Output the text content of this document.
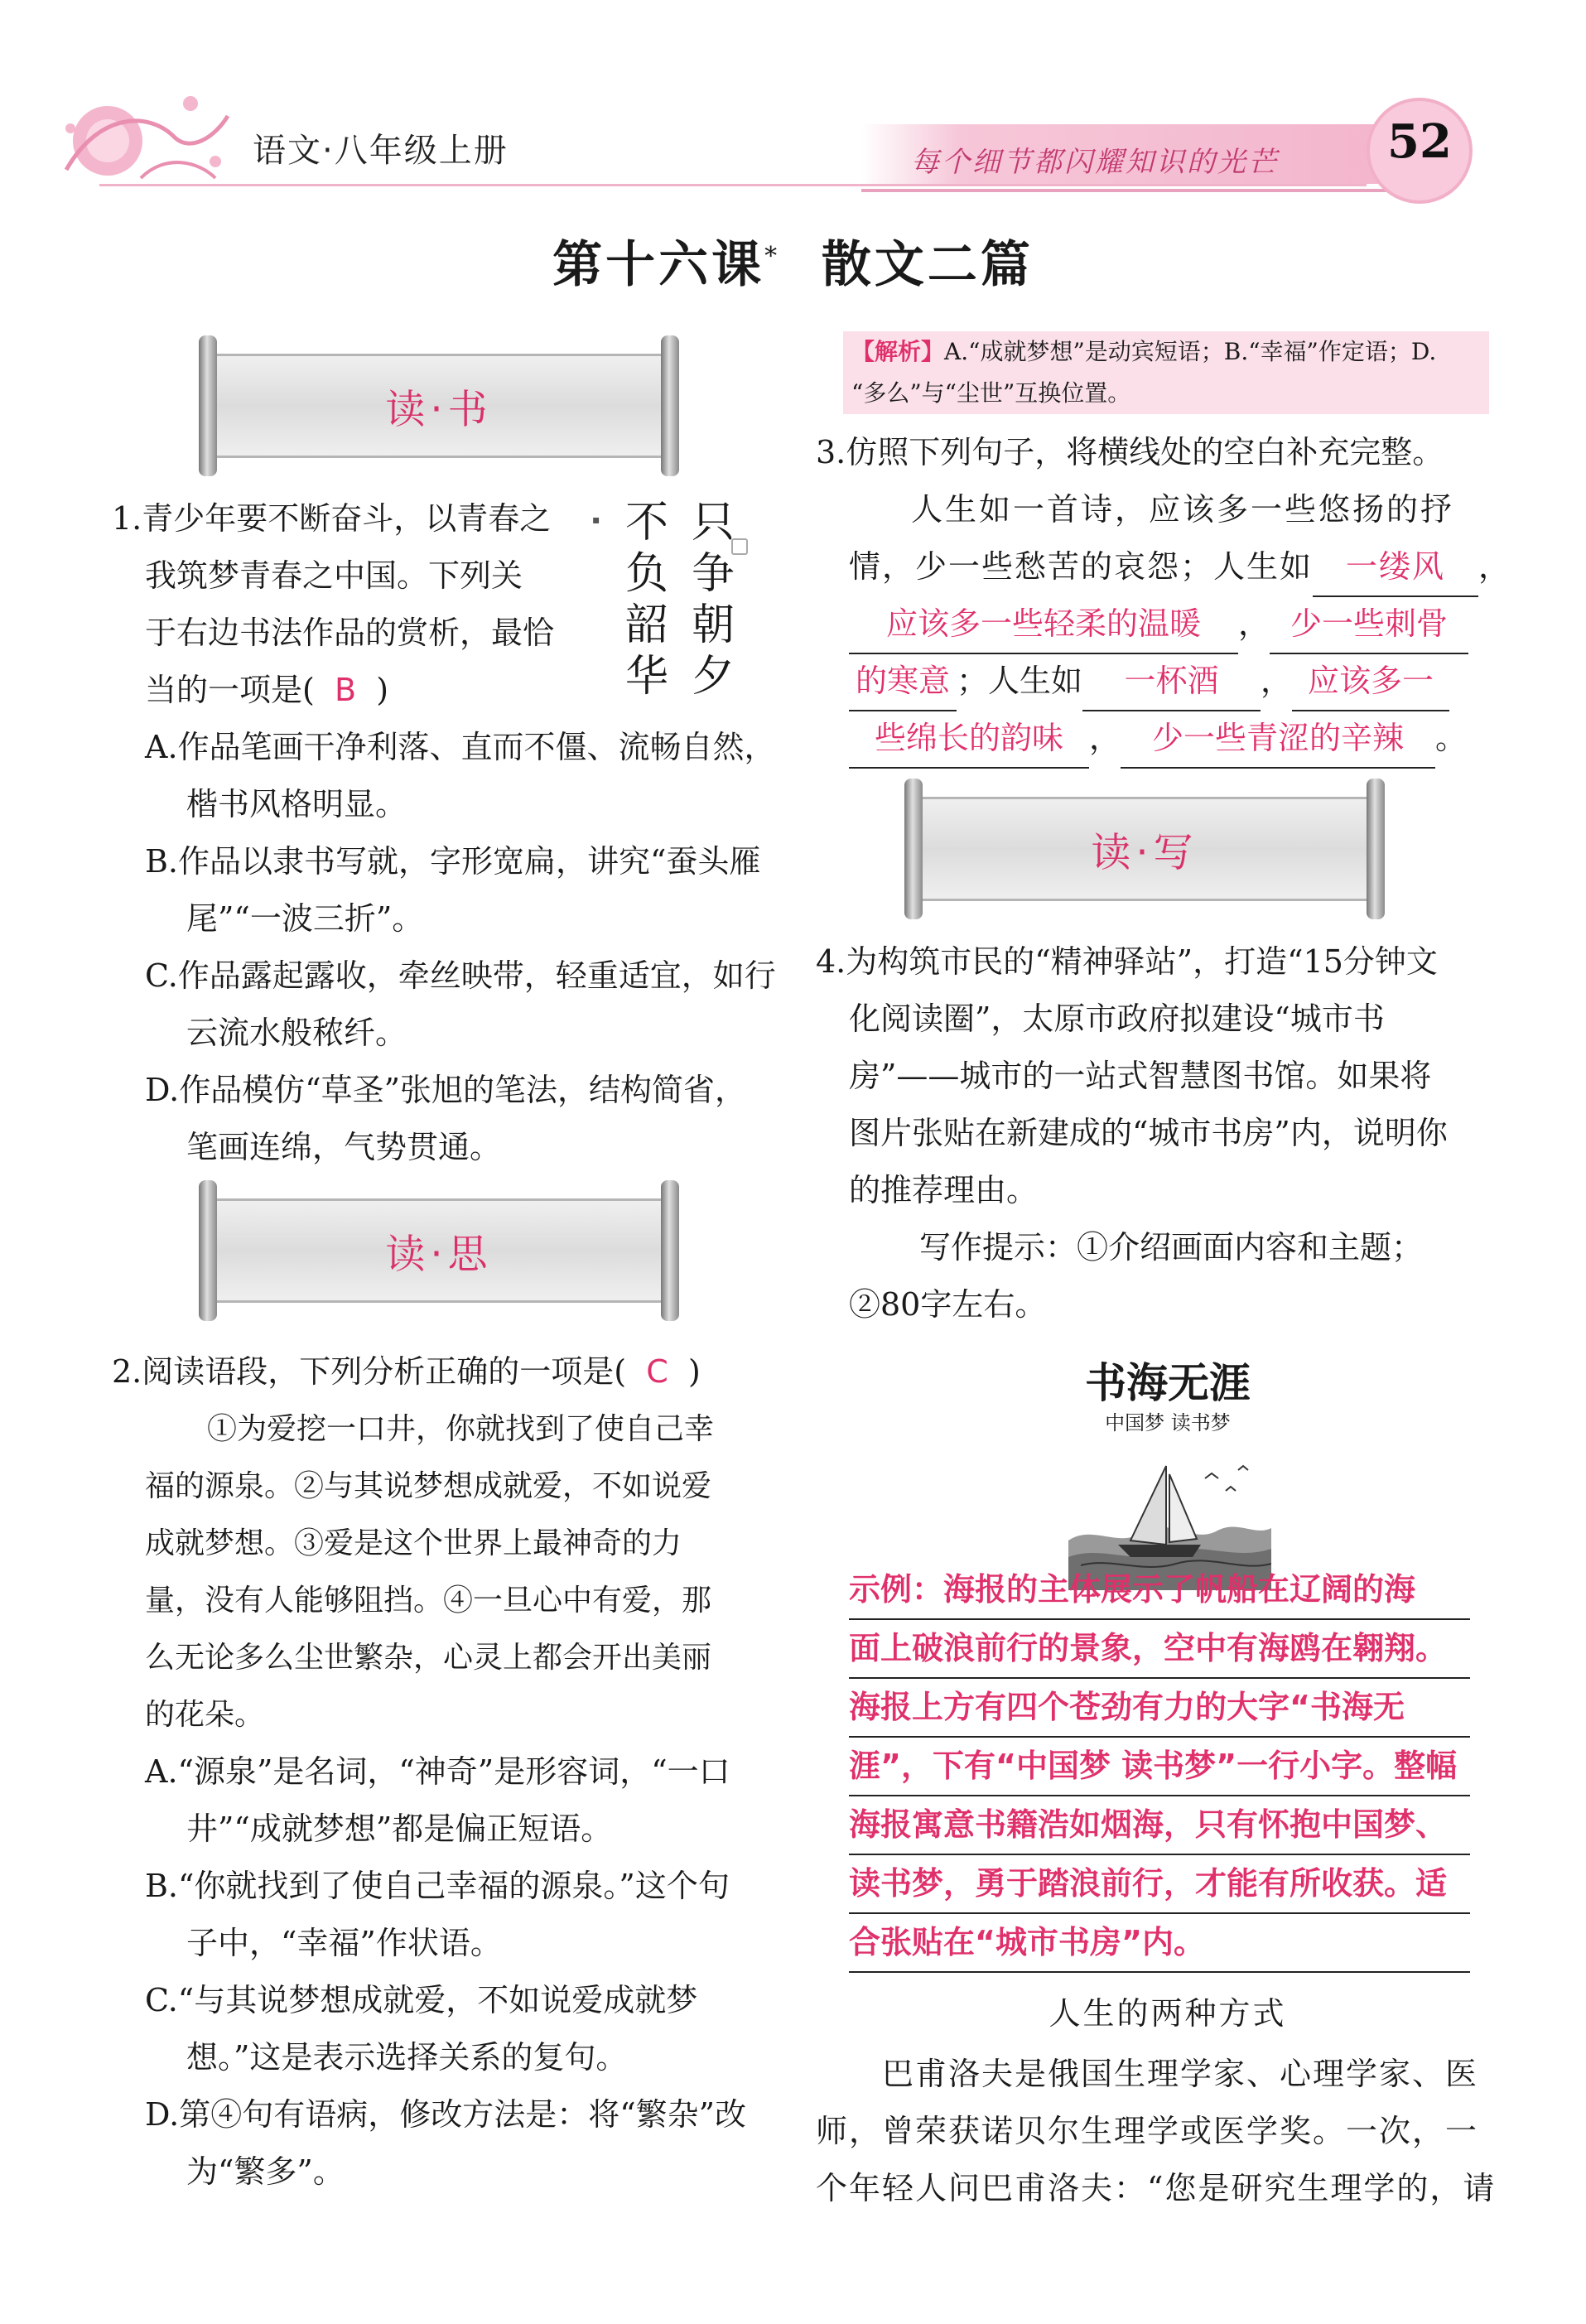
语文·八年级上册	每个细节都闪耀知识的光芒	52
第十六课* 散文二篇
读·书
读·思
读·写
1.青少年要不断奋斗，以青春之
我筑梦青春之中国。下列关
于右边书法作品的赏析，最恰
当的一项是( B )
▪ 只争朝夕
不负韶华
A.作品笔画干净利落、直而不僵、流畅自然，
楷书风格明显。
B.作品以隶书写就，字形宽扁，讲究“蚕头雁
尾”“一波三折”。
C.作品露起露收，牵丝映带，轻重适宜，如行
云流水般秾纤。
D.作品模仿“草圣”张旭的笔法，结构简省，
笔画连绵，气势贯通。
2.阅读语段，下列分析正确的一项是( C )
①为爱挖一口井，你就找到了使自己幸
福的源泉。②与其说梦想成就爱，不如说爱
成就梦想。③爱是这个世界上最神奇的力
量，没有人能够阻挡。④一旦心中有爱，那
么无论多么尘世繁杂，心灵上都会开出美丽
的花朵。
A.“源泉”是名词，“神奇”是形容词，“一口
井”“成就梦想”都是偏正短语。
B.“你就找到了使自己幸福的源泉。”这个句
子中，“幸福”作状语。
C.“与其说梦想成就爱，不如说爱成就梦
想。”这是表示选择关系的复句。
D.第④句有语病，修改方法是：将“繁杂”改
为“繁多”。
【解析】A.“成就梦想”是动宾短语；B.“幸福”作定语；D.
“多么”与“尘世”互换位置。
3.仿照下列句子，将横线处的空白补充完整。
人生如一首诗，应该多一些悠扬的抒
情，少一些愁苦的哀怨；人生如 一缕风 ，
应该多一些轻柔的温暖 ， 少一些刺骨
的寒意 ；人生如 一杯酒 ， 应该多一
些绵长的韵味 ， 少一些青涩的辛辣 。
4.为构筑市民的“精神驿站”，打造“15分钟文
化阅读圈”，太原市政府拟建设“城市书
房”——城市的一站式智慧图书馆。如果将
图片张贴在新建成的“城市书房”内，说明你
的推荐理由。
写作提示：①介绍画面内容和主题；
②80字左右。
书海无涯
中国梦 读书梦
示例：海报的主体展示了帆船在辽阔的海
面上破浪前行的景象，空中有海鸥在翱翔。
海报上方有四个苍劲有力的大字“书海无
涯”，下有“中国梦 读书梦”一行小字。整幅
海报寓意书籍浩如烟海，只有怀抱中国梦、
读书梦，勇于踏浪前行，才能有所收获。适
合张贴在“城市书房”内。
人生的两种方式
巴甫洛夫是俄国生理学家、心理学家、医
师，曾荣获诺贝尔生理学或医学奖。一次，一
个年轻人问巴甫洛夫：“您是研究生理学的，请
